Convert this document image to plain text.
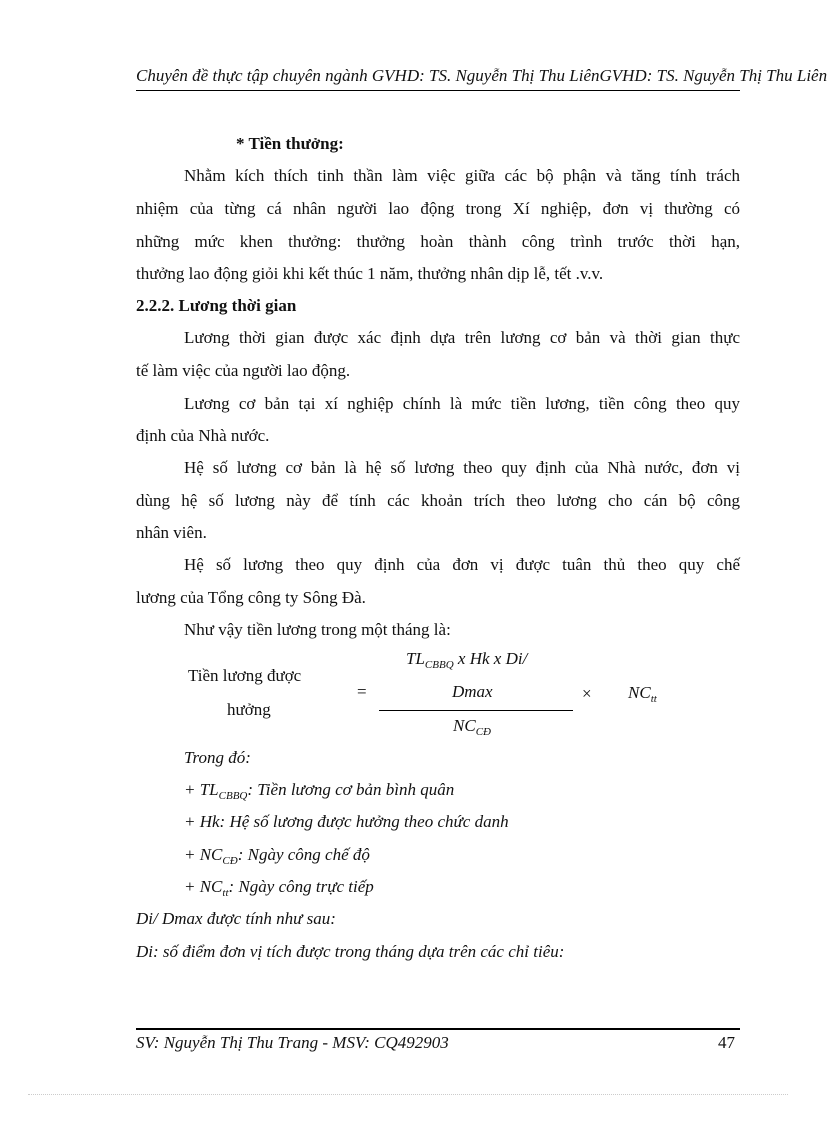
Chuyên đề thực tập chuyên ngành GVHD: TS. Nguyễn Thị Thu LiênGVHD: TS. Nguyễn Thị Thu Liên
* Tiền thưởng:
Nhằm kích thích tinh thần làm việc giữa các bộ phận và tăng tính trách
nhiệm của từng cá nhân người lao động trong Xí nghiệp, đơn vị thường có
những mức khen thưởng: thưởng hoàn thành công trình trước thời hạn,
thưởng lao động giỏi khi kết thúc 1 năm, thưởng nhân dịp lễ, tết .v.v.
2.2.2. Lương thời gian
Lương thời gian được xác định dựa trên lương cơ bản và thời gian thực
tế làm việc của người lao động.
Lương cơ bản tại xí nghiệp chính là mức tiền lương, tiền công theo quy
định của Nhà nước.
Hệ số lương cơ bản là hệ số lương theo quy định của Nhà nước, đơn vị
dùng hệ số lương này để tính các khoản trích theo lương cho cán bộ công
nhân viên.
Hệ số lương theo quy định của đơn vị được tuân thủ theo quy chế
lương của Tổng công ty Sông Đà.
Như vậy tiền lương trong một tháng là:
Tiền lương được
hưởng
=
$TL_{CBBQ}$ x Hk x Di/
Dmax
$NC_{CĐ}$
× $NC_{tt}$
Trong đó:
+ $TL_{CBBQ}$: Tiền lương cơ bản bình quân
+ Hk: Hệ số lương được hưởng theo chức danh
+ $NC_{CĐ}$: Ngày công chế độ
+ $NC_{tt}$: Ngày công trực tiếp
Di/ Dmax được tính như sau:
Di: số điểm đơn vị tích được trong tháng dựa trên các chỉ tiêu:
SV: Nguyễn Thị Thu Trang - MSV: CQ492903	47
